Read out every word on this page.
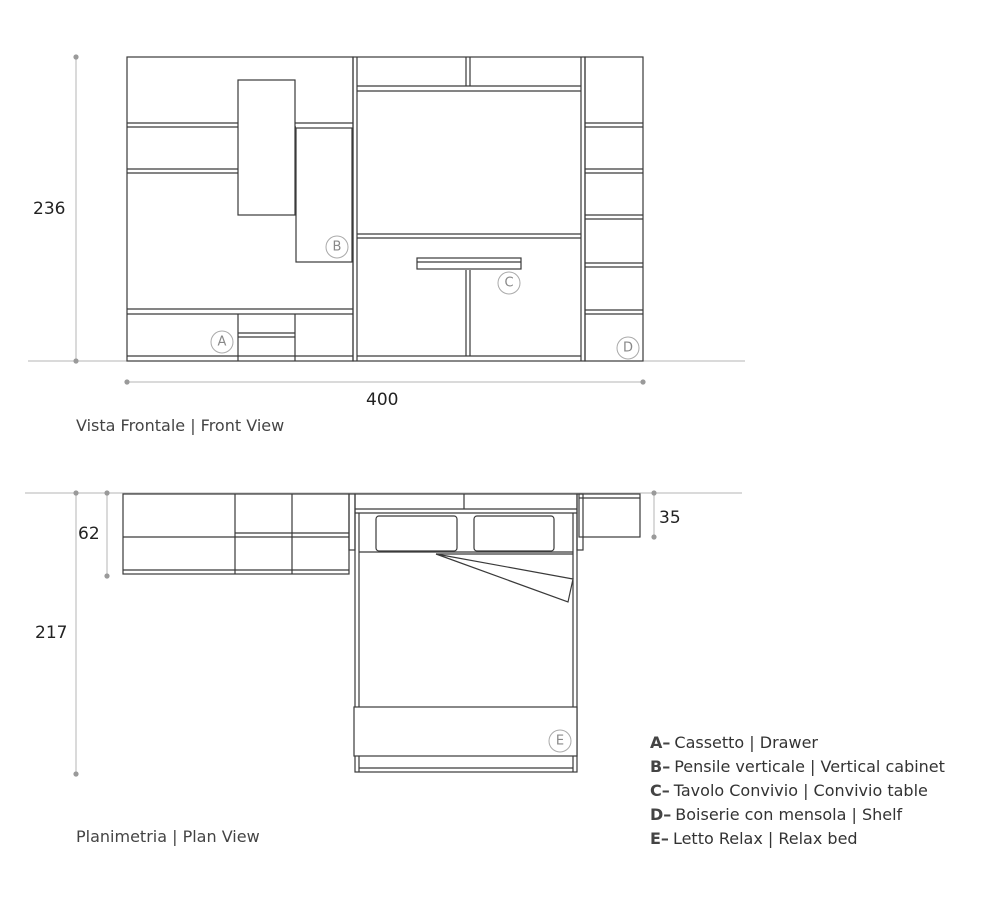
A
B
C
D
236
400
E
217
62
35
Vista Frontale | Front View
Planimetria | Plan View
A– Cassetto | Drawer
B– Pensile verticale | Vertical cabinet
C– Tavolo Convivio | Convivio table
D– Boiserie con mensola | Shelf
E– Letto Relax | Relax bed
